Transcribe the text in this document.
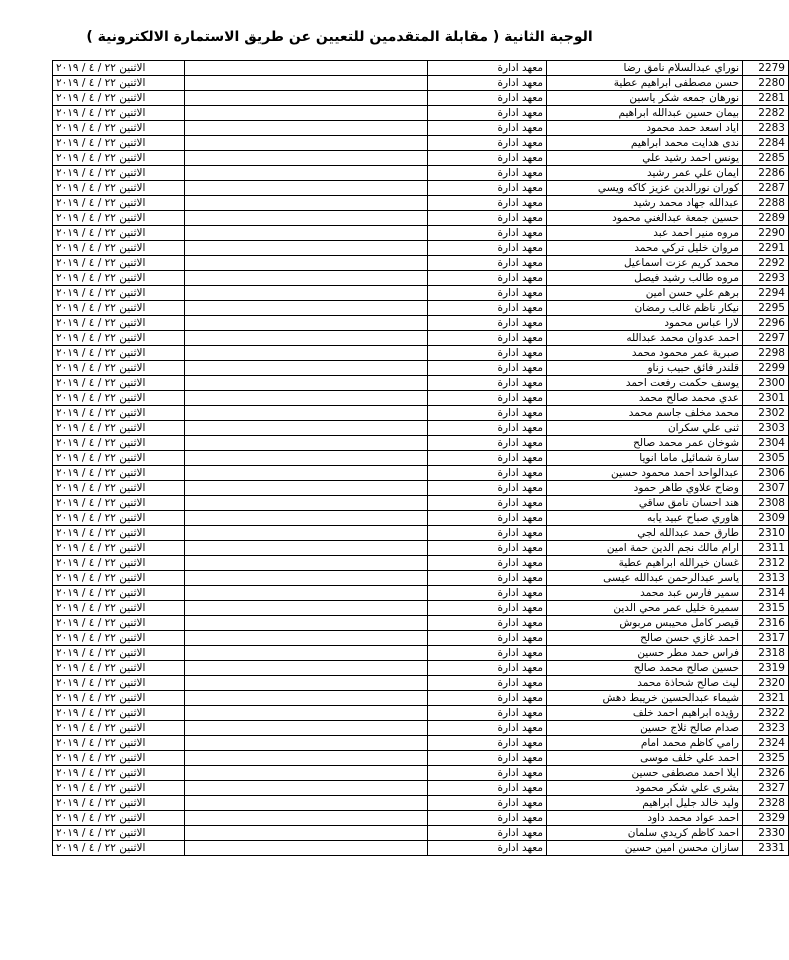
الوجبة الثانية ( مقابلة المتقدمين للتعيين عن طريق الاستمارة الالكترونية )
الاثنين ٢٢ / ٤ / ٢٠١٩		معهد ادارة	نوراي عبدالسلام نامق رضا	2279
الاثنين ٢٢ / ٤ / ٢٠١٩		معهد ادارة	حسن مصطفى ابراهيم عطية	2280
الاثنين ٢٢ / ٤ / ٢٠١٩		معهد ادارة	نورهان جمعه شكر ياسين	2281
الاثنين ٢٢ / ٤ / ٢٠١٩		معهد ادارة	بيمان حسين عبدالله ابراهيم	2282
الاثنين ٢٢ / ٤ / ٢٠١٩		معهد ادارة	اياد اسعد حمد محمود	2283
الاثنين ٢٢ / ٤ / ٢٠١٩		معهد ادارة	ندى هدايت محمد ابراهيم	2284
الاثنين ٢٢ / ٤ / ٢٠١٩		معهد ادارة	يونس احمد رشيد علي	2285
الاثنين ٢٢ / ٤ / ٢٠١٩		معهد ادارة	ايمان علي عمر رشيد	2286
الاثنين ٢٢ / ٤ / ٢٠١٩		معهد ادارة	كوران نورالدين عزيز كاكه ويسي	2287
الاثنين ٢٢ / ٤ / ٢٠١٩		معهد ادارة	عبدالله جهاد محمد رشيد	2288
الاثنين ٢٢ / ٤ / ٢٠١٩		معهد ادارة	حسين جمعة عبدالغني محمود	2289
الاثنين ٢٢ / ٤ / ٢٠١٩		معهد ادارة	مروه منير احمد عبد	2290
الاثنين ٢٢ / ٤ / ٢٠١٩		معهد ادارة	مروان خليل تركي محمد	2291
الاثنين ٢٢ / ٤ / ٢٠١٩		معهد ادارة	محمد كريم عزت اسماعيل	2292
الاثنين ٢٢ / ٤ / ٢٠١٩		معهد ادارة	مروه طالب رشيد فيصل	2293
الاثنين ٢٢ / ٤ / ٢٠١٩		معهد ادارة	برهم علي حسن امين	2294
الاثنين ٢٢ / ٤ / ٢٠١٩		معهد ادارة	نيكار ناظم غالب رمضان	2295
الاثنين ٢٢ / ٤ / ٢٠١٩		معهد ادارة	لارا عباس محمود	2296
الاثنين ٢٢ / ٤ / ٢٠١٩		معهد ادارة	احمد عدوان محمد عبدالله	2297
الاثنين ٢٢ / ٤ / ٢٠١٩		معهد ادارة	صبرية عمر محمود محمد	2298
الاثنين ٢٢ / ٤ / ٢٠١٩		معهد ادارة	قلندر فائق حبيب زناو	2299
الاثنين ٢٢ / ٤ / ٢٠١٩		معهد ادارة	يوسف حكمت رفعت احمد	2300
الاثنين ٢٢ / ٤ / ٢٠١٩		معهد ادارة	عدي محمد صالح محمد	2301
الاثنين ٢٢ / ٤ / ٢٠١٩		معهد ادارة	محمد مخلف جاسم محمد	2302
الاثنين ٢٢ / ٤ / ٢٠١٩		معهد ادارة	ثنى علي سكران	2303
الاثنين ٢٢ / ٤ / ٢٠١٩		معهد ادارة	شوخان عمر محمد صالح	2304
الاثنين ٢٢ / ٤ / ٢٠١٩		معهد ادارة	سارة شمائيل ماما انويا	2305
الاثنين ٢٢ / ٤ / ٢٠١٩		معهد ادارة	عبدالواحد احمد محمود حسين	2306
الاثنين ٢٢ / ٤ / ٢٠١٩		معهد ادارة	وضاح علاوي طاهر حمود	2307
الاثنين ٢٢ / ٤ / ٢٠١٩		معهد ادارة	هند احسان نامق ساقي	2308
الاثنين ٢٢ / ٤ / ٢٠١٩		معهد ادارة	هاوري صباح عبيد يابه	2309
الاثنين ٢٢ / ٤ / ٢٠١٩		معهد ادارة	طارق حمد عبدالله لجي	2310
الاثنين ٢٢ / ٤ / ٢٠١٩		معهد ادارة	ارام مالك نجم الدين حمة امين	2311
الاثنين ٢٢ / ٤ / ٢٠١٩		معهد ادارة	غسان خيرالله ابراهيم عطية	2312
الاثنين ٢٢ / ٤ / ٢٠١٩		معهد ادارة	ياسر عبدالرحمن عبدالله عيسى	2313
الاثنين ٢٢ / ٤ / ٢٠١٩		معهد ادارة	سمير فارس عبد محمد	2314
الاثنين ٢٢ / ٤ / ٢٠١٩		معهد ادارة	سميرة خليل عمر محي الدين	2315
الاثنين ٢٢ / ٤ / ٢٠١٩		معهد ادارة	قيصر كامل محيبس مربوش	2316
الاثنين ٢٢ / ٤ / ٢٠١٩		معهد ادارة	احمد غازي حسن صالح	2317
الاثنين ٢٢ / ٤ / ٢٠١٩		معهد ادارة	فراس حمد مطر حسين	2318
الاثنين ٢٢ / ٤ / ٢٠١٩		معهد ادارة	حسين صالح محمد صالح	2319
الاثنين ٢٢ / ٤ / ٢٠١٩		معهد ادارة	ليث صالح شحاذة محمد	2320
الاثنين ٢٢ / ٤ / ٢٠١٩		معهد ادارة	شيماء عبدالحسين خريبط دهش	2321
الاثنين ٢٢ / ٤ / ٢٠١٩		معهد ادارة	رؤيده ابراهيم احمد خلف	2322
الاثنين ٢٢ / ٤ / ٢٠١٩		معهد ادارة	صدام صالح ثلاج حسين	2323
الاثنين ٢٢ / ٤ / ٢٠١٩		معهد ادارة	رامي كاظم محمد امام	2324
الاثنين ٢٢ / ٤ / ٢٠١٩		معهد ادارة	احمد علي خلف موسى	2325
الاثنين ٢٢ / ٤ / ٢٠١٩		معهد ادارة	ايلا احمد مصطفى حسين	2326
الاثنين ٢٢ / ٤ / ٢٠١٩		معهد ادارة	بشرى علي شكر محمود	2327
الاثنين ٢٢ / ٤ / ٢٠١٩		معهد ادارة	وليد خالد جليل ابراهيم	2328
الاثنين ٢٢ / ٤ / ٢٠١٩		معهد ادارة	احمد عواد محمد داود	2329
الاثنين ٢٢ / ٤ / ٢٠١٩		معهد ادارة	احمد كاظم كريدي سلمان	2330
الاثنين ٢٢ / ٤ / ٢٠١٩		معهد ادارة	سازان محسن امين حسين	2331
